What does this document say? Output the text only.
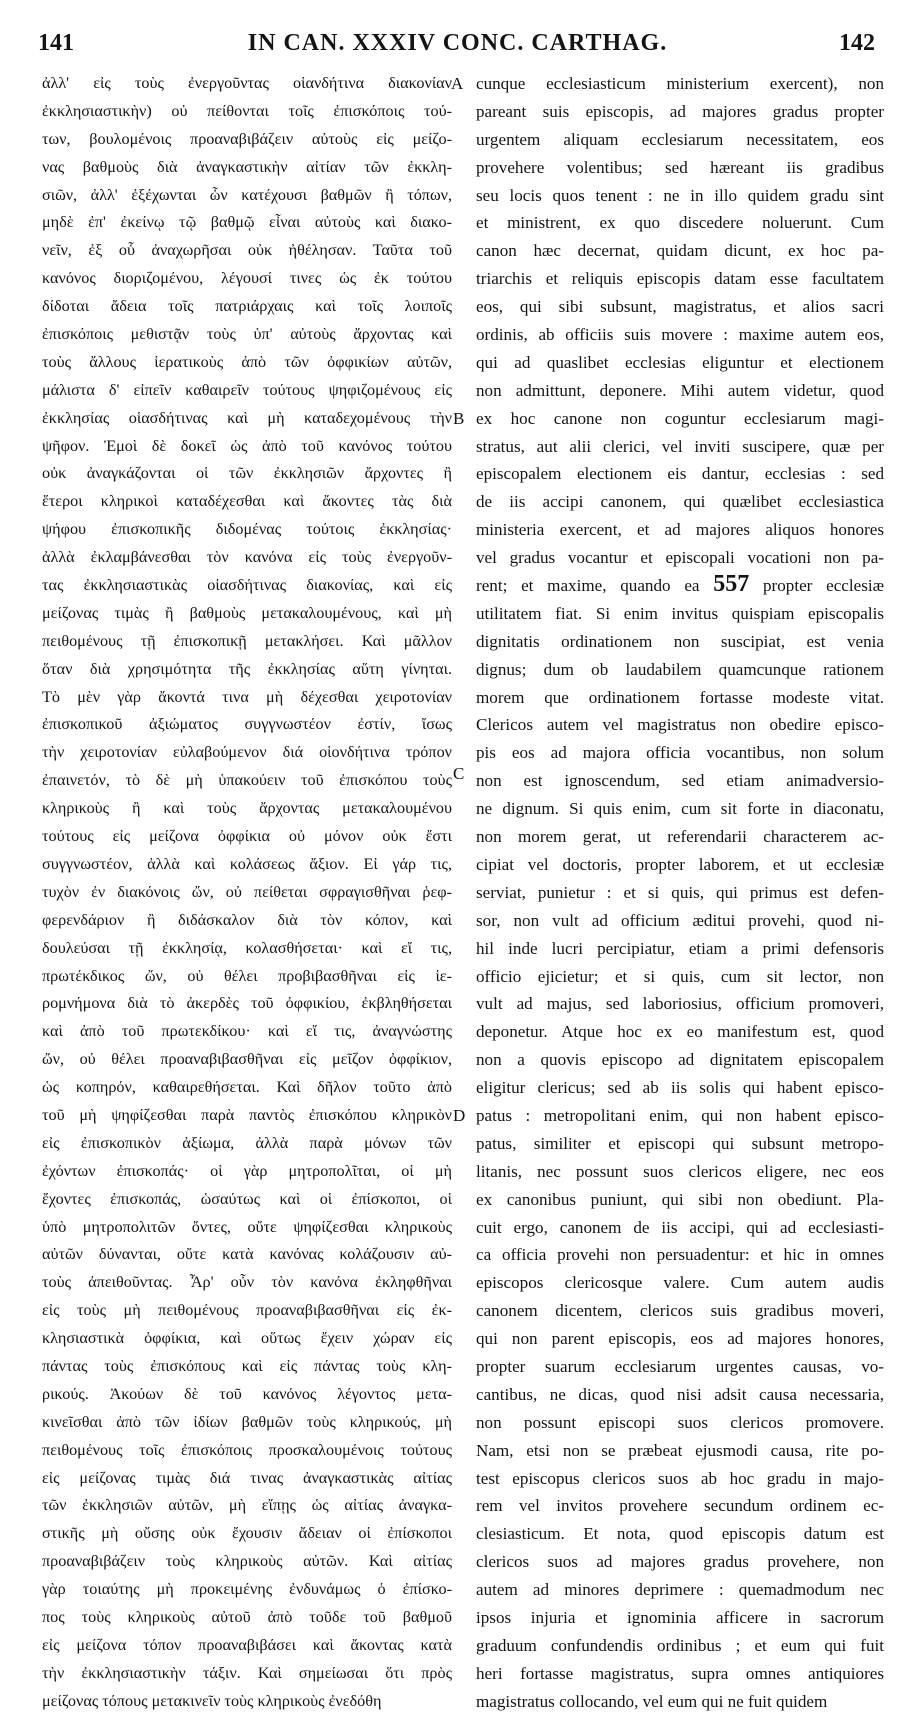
141	IN CAN. XXXIV CONC. CARTHAG.	142
ἀλλ' εἰς τοὺς ἐνεργοῦντας οἱανδήτινα διακονίαν
ἐκκλησιαστικὴν) οὐ πείθονται τοῖς ἐπισκόποις τού-
των, βουλομένοις προαναβιβάζειν αὐτοὺς εἰς μείζο-
νας βαθμοὺς διὰ ἀναγκαστικὴν αἰτίαν τῶν ἐκκλη-
σιῶν, ἀλλ' ἐξέχωνται ὧν κατέχουσι βαθμῶν ἢ τόπων,
μηδὲ ἐπ' ἐκείνῳ τῷ βαθμῷ εἶναι αὐτοὺς καὶ διακο-
νεῖν, ἐξ οὗ ἀναχωρῆσαι οὐκ ἠθέλησαν. Ταῦτα τοῦ
κανόνος διοριζομένου, λέγουσί τινες ὡς ἐκ τούτου
δίδοται ἄδεια τοῖς πατριάρχαις καὶ τοῖς λοιποῖς
ἐπισκόποις μεθιστᾷν τοὺς ὑπ' αὐτοὺς ἄρχοντας καὶ
τοὺς ἄλλους ἱερατικοὺς ἀπὸ τῶν ὀφφικίων αὐτῶν,
μάλιστα δ' εἰπεῖν καθαιρεῖν τούτους ψηφιζομένους εἰς
ἐκκλησίας οἱασδήτινας καὶ μὴ καταδεχομένους τὴν
ψῆφον. Ἐμοὶ δὲ δοκεῖ ὡς ἀπὸ τοῦ κανόνος τούτου
οὐκ ἀναγκάζονται οἱ τῶν ἐκκλησιῶν ἄρχοντες ἢ
ἕτεροι κληρικοὶ καταδέχεσθαι καὶ ἄκοντες τὰς διὰ
ψήφου ἐπισκοπικῆς διδομένας τούτοις ἐκκλησίας·
ἀλλὰ ἐκλαμβάνεσθαι τὸν κανόνα εἰς τοὺς ἐνεργοῦν-
τας ἐκκλησιαστικὰς οἱασδήτινας διακονίας, καὶ εἰς
μείζονας τιμὰς ἢ βαθμοὺς μετακαλουμένους, καὶ μὴ
πειθομένους τῇ ἐπισκοπικῇ μετακλήσει. Καὶ μᾶλλον
ὅταν διὰ χρησιμότητα τῆς ἐκκλησίας αὕτη γίνηται.
Τὸ μὲν γὰρ ἄκοντά τινα μὴ δέχεσθαι χειροτονίαν
ἐπισκοπικοῦ ἀξιώματος συγγνωστέον ἐστίν, ἴσως
τὴν χειροτονίαν εὐλαβούμενον διά οἱονδήτινα τρόπον
ἐπαινετόν, τὸ δὲ μὴ ὑπακούειν τοῦ ἐπισκόπου τοὺς
κληρικοὺς ἢ καὶ τοὺς ἄρχοντας μετακαλουμένου
τούτους εἰς μείζονα ὀφφίκια οὐ μόνον οὐκ ἔστι
συγγνωστέον, ἀλλὰ καὶ κολάσεως ἄξιον. Εἰ γάρ τις,
τυχὸν ἐν διακόνοις ὤν, οὐ πείθεται σφραγισθῆναι ῥεφ-
φερενδάριον ἢ διδάσκαλον διὰ τὸν κόπον, καὶ
δουλεύσαι τῇ ἐκκλησίᾳ, κολασθήσεται· καὶ εἴ τις,
πρωτέκδικος ὤν, οὐ θέλει προβιβασθῆναι εἰς ἱε-
ρομνήμονα διὰ τὸ ἀκερδὲς τοῦ ὀφφικίου, ἐκβληθήσεται
καὶ ἀπὸ τοῦ πρωτεκδίκου· καὶ εἴ τις, ἀναγνώστης
ὤν, οὐ θέλει προαναβιβασθῆναι εἰς μεῖζον ὀφφίκιον,
ὡς κοπηρόν, καθαιρεθήσεται. Καὶ δῆλον τοῦτο ἀπὸ
τοῦ μὴ ψηφίζεσθαι παρὰ παντὸς ἐπισκόπου κληρικὸν
εἰς ἐπισκοπικὸν ἀξίωμα, ἀλλὰ παρὰ μόνων τῶν
ἐχόντων ἐπισκοπάς· οἱ γὰρ μητροπολῖται, οἱ μὴ
ἔχοντες ἐπισκοπάς, ὡσαύτως καὶ οἱ ἐπίσκοποι, οἱ
ὑπὸ μητροπολιτῶν ὄντες, οὔτε ψηφίζεσθαι κληρικοὺς
αὐτῶν δύνανται, οὔτε κατὰ κανόνας κολάζουσιν αὐ-
τοὺς ἀπειθοῦντας. Ἆρ' οὖν τὸν κανόνα ἐκληφθῆναι
εἰς τοὺς μὴ πειθομένους προαναβιβασθῆναι εἰς ἐκ-
κλησιαστικὰ ὀφφίκια, καὶ οὕτως ἔχειν χώραν εἰς
πάντας τοὺς ἐπισκόπους καὶ εἰς πάντας τοὺς κλη-
ρικούς. Ἀκούων δὲ τοῦ κανόνος λέγοντος μετα-
κινεῖσθαι ἀπὸ τῶν ἰδίων βαθμῶν τοὺς κληρικούς, μὴ
πειθομένους τοῖς ἐπισκόποις προσκαλουμένοις τούτους
εἰς μείζονας τιμὰς διά τινας ἀναγκαστικὰς αἰτίας
τῶν ἐκκλησιῶν αὐτῶν, μὴ εἴπῃς ὡς αἰτίας ἀναγκα-
στικῆς μὴ οὔσης οὐκ ἔχουσιν ἄδειαν οἱ ἐπίσκοποι
προαναβιβάζειν τοὺς κληρικοὺς αὐτῶν. Καὶ αἰτίας
γὰρ τοιαύτης μὴ προκειμένης ἐνδυνάμως ὁ ἐπίσκο-
πος τοὺς κληρικοὺς αὐτοῦ ἀπὸ τοῦδε τοῦ βαθμοῦ
εἰς μείζονα τόπον προαναβιβάσει καὶ ἄκοντας κατὰ
τὴν ἐκκλησιαστικὴν τάξιν. Καὶ σημείωσαι ὅτι πρὸς
μείζονας τόπους μετακινεῖν τοὺς κληρικοὺς ἐνεδόθη
cunque ecclesiasticum ministerium exercent), non
pareant suis episcopis, ad majores gradus propter
urgentem aliquam ecclesiarum necessitatem, eos
provehere volentibus; sed hæreant iis gradibus
seu locis quos tenent : ne in illo quidem gradu sint
et ministrent, ex quo discedere noluerunt. Cum
canon hæc decernat, quidam dicunt, ex hoc pa-
triarchis et reliquis episcopis datam esse facultatem
eos, qui sibi subsunt, magistratus, et alios sacri
ordinis, ab officiis suis movere : maxime autem eos,
qui ad quaslibet ecclesias eliguntur et electionem
non admittunt, deponere. Mihi autem videtur, quod
ex hoc canone non coguntur ecclesiarum magi-
stratus, aut alii clerici, vel inviti suscipere, quæ per
episcopalem electionem eis dantur, ecclesias : sed
de iis accipi canonem, qui quælibet ecclesiastica
ministeria exercent, et ad majores aliquos honores
vel gradus vocantur et episcopali vocationi non pa-
rent; et maxime, quando ea 557 propter ecclesiæ
utilitatem fiat. Si enim invitus quispiam episcopalis
dignitatis ordinationem non suscipiat, est venia
dignus; dum ob laudabilem quamcunque rationem
morem que ordinationem fortasse modeste vitat.
Clericos autem vel magistratus non obedire episco-
pis eos ad majora officia vocantibus, non solum
non est ignoscendum, sed etiam animadversio-
ne dignum. Si quis enim, cum sit forte in diaconatu,
non morem gerat, ut referendarii characterem ac-
cipiat vel doctoris, propter laborem, et ut ecclesiæ
serviat, punietur : et si quis, qui primus est defen-
sor, non vult ad officium æditui provehi, quod ni-
hil inde lucri percipiatur, etiam a primi defensoris
officio ejicietur; et si quis, cum sit lector, non
vult ad majus, sed laboriosius, officium promoveri,
deponetur. Atque hoc ex eo manifestum est, quod
non a quovis episcopo ad dignitatem episcopalem
eligitur clericus; sed ab iis solis qui habent episco-
patus : metropolitani enim, qui non habent episco-
patus, similiter et episcopi qui subsunt metropo-
litanis, nec possunt suos clericos eligere, nec eos
ex canonibus puniunt, qui sibi non obediunt. Pla-
cuit ergo, canonem de iis accipi, qui ad ecclesiasti-
ca officia provehi non persuadentur: et hic in omnes
episcopos clericosque valere. Cum autem audis
canonem dicentem, clericos suis gradibus moveri,
qui non parent episcopis, eos ad majores honores,
propter suarum ecclesiarum urgentes causas, vo-
cantibus, ne dicas, quod nisi adsit causa necessaria,
non possunt episcopi suos clericos promovere.
Nam, etsi non se præbeat ejusmodi causa, rite po-
test episcopus clericos suos ab hoc gradu in majo-
rem vel invitos provehere secundum ordinem ec-
clesiasticum. Et nota, quod episcopis datum est
clericos suos ad majores gradus provehere, non
autem ad minores deprimere : quemadmodum nec
ipsos injuria et ignominia afficere in sacrorum
graduum confundendis ordinibus ; et eum qui fuit
heri fortasse magistratus, supra omnes antiquiores
magistratus collocando, vel eum qui ne fuit quidem
A
B
C
D
